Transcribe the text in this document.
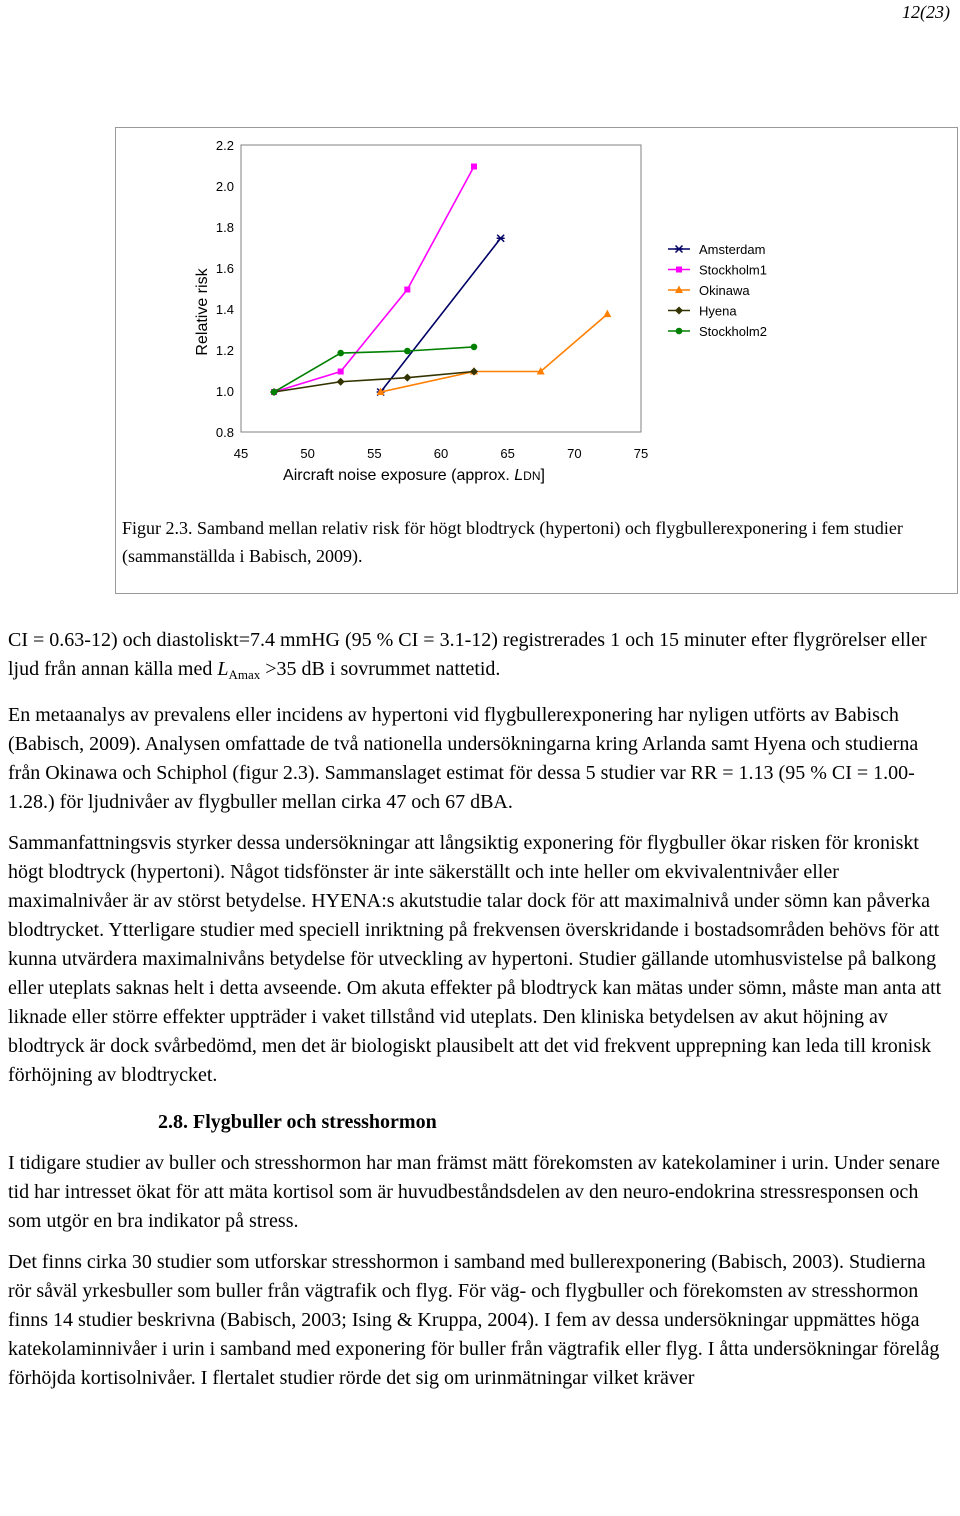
12(23)
2.2
2.0
1.8
1.6
1.4
1.2
1.0
0.8
45	50	55	60	65	70	75
Amsterdam
Stockholm1
Okinawa
Hyena
Stockholm2
Relative risk
Aircraft noise exposure (approx. LDN]
Figur 2.3. Samband mellan relativ risk för högt blodtryck (hypertoni) och flygbullerexponering i fem studier (sammanställda i Babisch, 2009).

CI = 0.63-12) och diastoliskt=7.4 mmHG (95 % CI = 3.1-12) registrerades 1 och 15 minuter efter flygrörelser eller ljud från annan källa med $L_{Amax} >35$ dB i sovrummet nattetid.

En metaanalys av prevalens eller incidens av hypertoni vid flygbullerexponering har nyligen utförts av Babisch (Babisch, 2009). Analysen omfattade de två nationella undersökningarna kring Arlanda samt Hyena och studierna från Okinawa och Schiphol (figur 2.3). Sammanslaget estimat för dessa 5 studier var RR = 1.13 (95 % CI = 1.00-1.28.) för ljudnivåer av flygbuller mellan cirka 47 och 67 dBA.

Sammanfattningsvis styrker dessa undersökningar att långsiktig exponering för flygbuller ökar risken för kroniskt högt blodtryck (hypertoni). Något tidsfönster är inte säkerställt och inte heller om ekvivalentnivåer eller maximalnivåer är av störst betydelse. HYENA:s akutstudie talar dock för att maximalnivå under sömn kan påverka blodtrycket. Ytterligare studier med speciell inriktning på frekvensen överskridande i bostadsområden behövs för att kunna utvärdera maximalnivåns betydelse för utveckling av hypertoni. Studier gällande utomhusvistelse på balkong eller uteplats saknas helt i detta avseende. Om akuta effekter på blodtryck kan mätas under sömn, måste man anta att liknade eller större effekter uppträder i vaket tillstånd vid uteplats. Den kliniska betydelsen av akut höjning av blodtryck är dock svårbedömd, men det är biologiskt plausibelt att det vid frekvent upprepning kan leda till kronisk förhöjning av blodtrycket.

2.8. Flygbuller och stresshormon

I tidigare studier av buller och stresshormon har man främst mätt förekomsten av katekolaminer i urin. Under senare tid har intresset ökat för att mäta kortisol som är huvudbeståndsdelen av den neuro-endokrina stressresponsen och som utgör en bra indikator på stress.

Det finns cirka 30 studier som utforskar stresshormon i samband med bullerexponering (Babisch, 2003). Studierna rör såväl yrkesbuller som buller från vägtrafik och flyg. För väg- och flygbuller och förekomsten av stresshormon finns 14 studier beskrivna (Babisch, 2003; Ising & Kruppa, 2004). I fem av dessa undersökningar uppmättes höga katekolaminnivåer i urin i samband med exponering för buller från vägtrafik eller flyg. I åtta undersökningar förelåg förhöjda kortisolnivåer. I flertalet studier rörde det sig om urinmätningar vilket kräver
